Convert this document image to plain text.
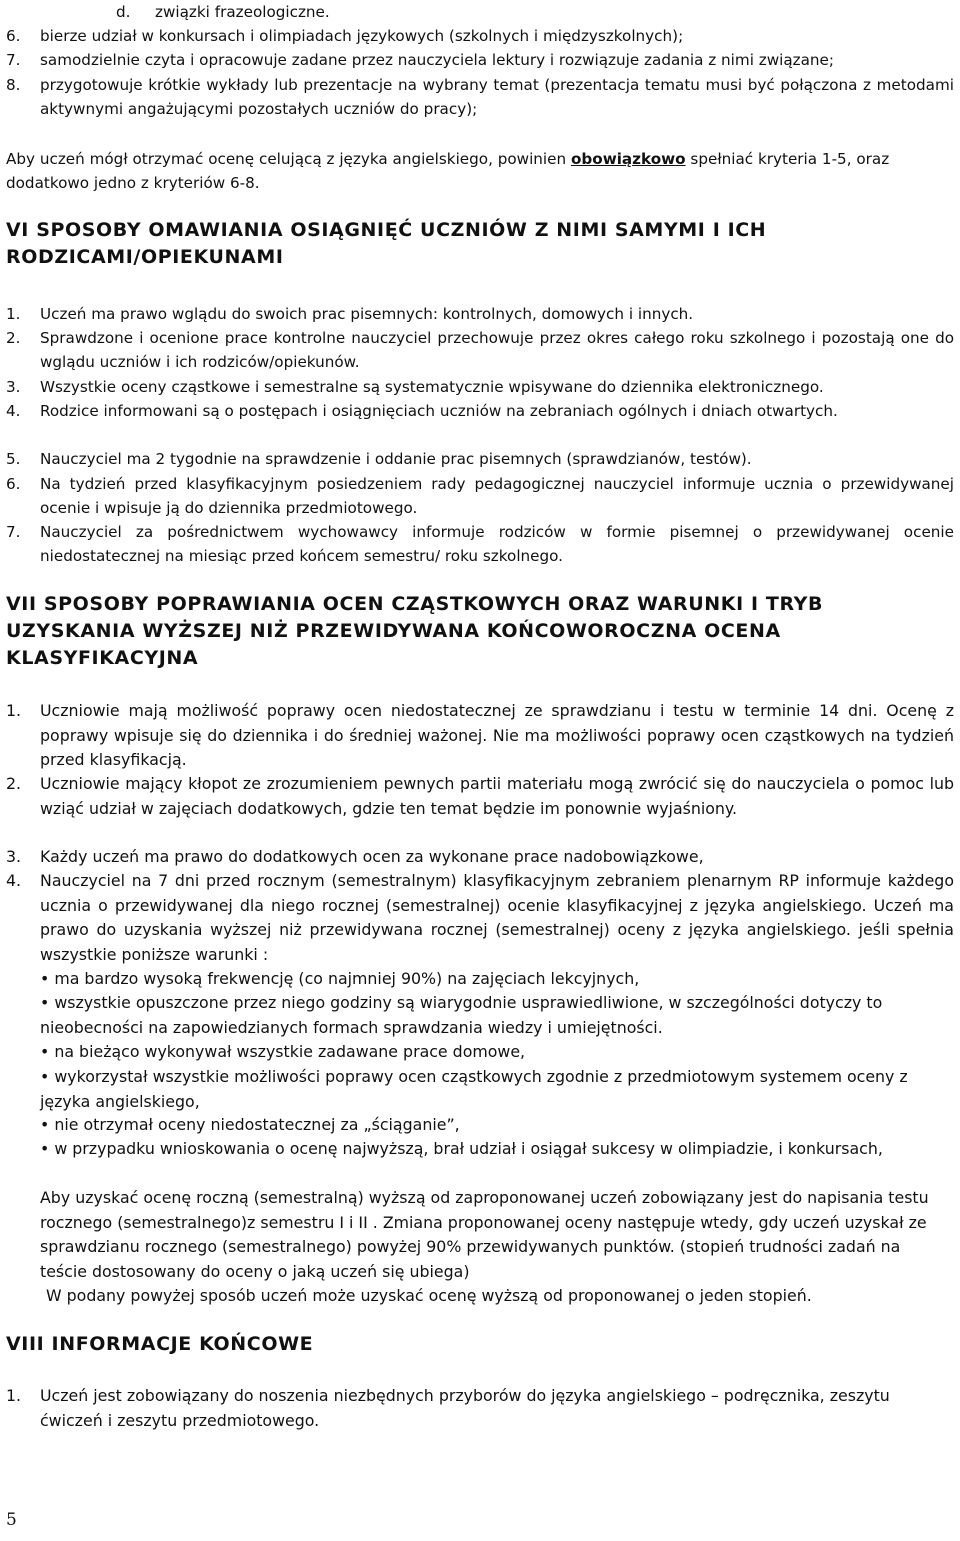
d. związki frazeologiczne.
6. bierze udział w konkursach i olimpiadach językowych (szkolnych i międzyszkolnych);
7. samodzielnie czyta i opracowuje zadane przez nauczyciela lektury i rozwiązuje zadania z nimi związane;
8. przygotowuje krótkie wykłady lub prezentacje na wybrany temat (prezentacja tematu musi być połączona z metodami aktywnymi angażującymi pozostałych uczniów do pracy);
Aby uczeń mógł otrzymać ocenę celującą z języka angielskiego, powinien obowiązkowo spełniać kryteria 1-5, oraz dodatkowo jedno z kryteriów 6-8.
VI SPOSOBY OMAWIANIA OSIĄGNIĘĆ UCZNIÓW Z NIMI SAMYMI I ICH RODZICAMI/OPIEKUNAMI
1. Uczeń ma prawo wglądu do swoich prac pisemnych: kontrolnych, domowych i innych.
2. Sprawdzone i ocenione prace kontrolne nauczyciel przechowuje przez okres całego roku szkolnego i pozostają one do wglądu uczniów i ich rodziców/opiekunów.
3. Wszystkie oceny cząstkowe i semestralne są systematycznie wpisywane do dziennika elektronicznego.
4. Rodzice informowani są o postępach i osiągnięciach uczniów na zebraniach ogólnych i dniach otwartych.
5. Nauczyciel ma 2 tygodnie na sprawdzenie i oddanie prac pisemnych (sprawdzianów, testów).
6. Na tydzień przed klasyfikacyjnym posiedzeniem rady pedagogicznej nauczyciel informuje ucznia o przewidywanej ocenie i wpisuje ją do dziennika przedmiotowego.
7. Nauczyciel za pośrednictwem wychowawcy informuje rodziców w formie pisemnej o przewidywanej ocenie niedostatecznej na miesiąc przed końcem semestru/ roku szkolnego.
VII SPOSOBY POPRAWIANIA OCEN CZĄSTKOWYCH ORAZ WARUNKI I TRYB UZYSKANIA WYŻSZEJ NIŻ PRZEWIDYWANA KOŃCOWOROCZNA OCENA KLASYFIKACYJNA
1. Uczniowie mają możliwość poprawy ocen niedostatecznej ze sprawdzianu i testu w terminie 14 dni. Ocenę z poprawy wpisuje się do dziennika i do średniej ważonej. Nie ma możliwości poprawy ocen cząstkowych na tydzień przed klasyfikacją.
2. Uczniowie mający kłopot ze zrozumieniem pewnych partii materiału mogą zwrócić się do nauczyciela o pomoc lub wziąć udział w zajęciach dodatkowych, gdzie ten temat będzie im ponownie wyjaśniony.
3. Każdy uczeń ma prawo do dodatkowych ocen za wykonane prace nadobowiązkowe,
4. Nauczyciel na 7 dni przed rocznym (semestralnym) klasyfikacyjnym zebraniem plenarnym RP informuje każdego ucznia o przewidywanej dla niego rocznej (semestralnej) ocenie klasyfikacyjnej z języka angielskiego. Uczeń ma prawo do uzyskania wyższej niż przewidywana rocznej (semestralnej) oceny z języka angielskiego. jeśli spełnia wszystkie poniższe warunki :
• ma bardzo wysoką frekwencję (co najmniej 90%) na zajęciach lekcyjnych,
• wszystkie opuszczone przez niego godziny są wiarygodnie usprawiedliwione, w szczególności dotyczy to nieobecności na zapowiedzianych formach sprawdzania wiedzy i umiejętności.
• na bieżąco wykonywał wszystkie zadawane prace domowe,
• wykorzystał wszystkie możliwości poprawy ocen cząstkowych zgodnie z przedmiotowym systemem oceny z języka angielskiego,
• nie otrzymał oceny niedostatecznej za „ściąganie”,
• w przypadku wnioskowania o ocenę najwyższą, brał udział i osiągał sukcesy w olimpiadzie, i konkursach,
Aby uzyskać ocenę roczną (semestralną) wyższą od zaproponowanej uczeń zobowiązany jest do napisania testu rocznego (semestralnego)z semestru I i II . Zmiana proponowanej oceny następuje wtedy, gdy uczeń uzyskał ze sprawdzianu rocznego (semestralnego) powyżej 90% przewidywanych punktów. (stopień trudności zadań na teście dostosowany do oceny o jaką uczeń się ubiega)
W podany powyżej sposób uczeń może uzyskać ocenę wyższą od proponowanej o jeden stopień.
VIII INFORMACJE KOŃCOWE
1. Uczeń jest zobowiązany do noszenia niezbędnych przyborów do języka angielskiego – podręcznika, zeszytu ćwiczeń i zeszytu przedmiotowego.
5
